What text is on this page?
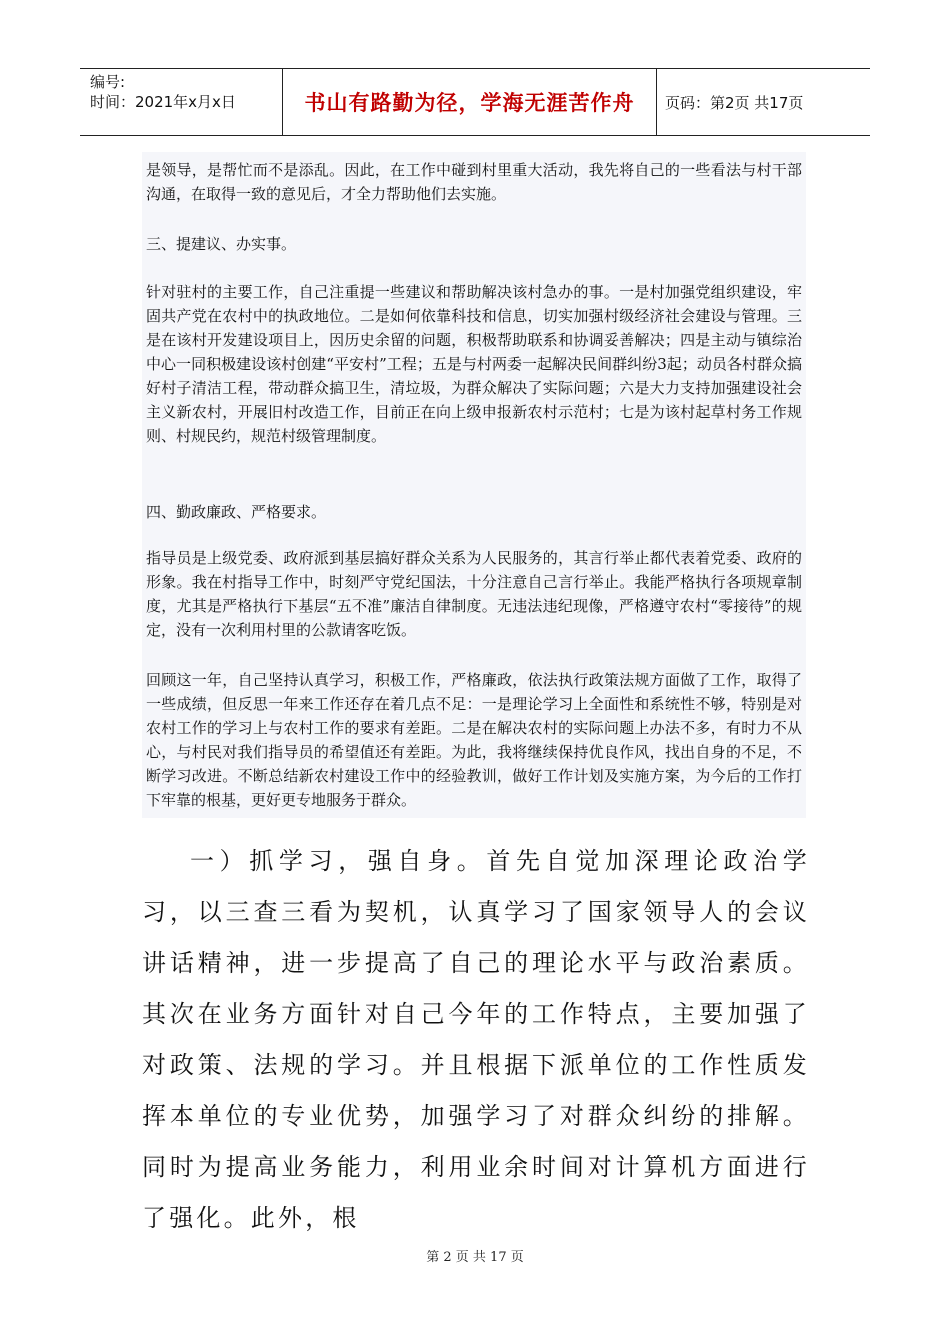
编号:
时间：2021年x月x日	书山有路勤为径，学海无涯苦作舟	页码：第2页 共17页

是领导，是帮忙而不是添乱。因此，在工作中碰到村里重大活动，我先将自己的一些看法与村干部沟通，在取得一致的意见后，才全力帮助他们去实施。

三、提建议、办实事。

针对驻村的主要工作，自己注重提一些建议和帮助解决该村急办的事。一是村加强党组织建设，牢固共产党在农村中的执政地位。二是如何依靠科技和信息，切实加强村级经济社会建设与管理。三是在该村开发建设项目上，因历史余留的问题，积极帮助联系和协调妥善解决；四是主动与镇综治中心一同积极建设该村创建“平安村”工程；五是与村两委一起解决民间群纠纷3起；动员各村群众搞好村子清洁工程，带动群众搞卫生，清垃圾，为群众解决了实际问题；六是大力支持加强建设社会主义新农村，开展旧村改造工作，目前正在向上级申报新农村示范村；七是为该村起草村务工作规则、村规民约，规范村级管理制度。

四、勤政廉政、严格要求。

指导员是上级党委、政府派到基层搞好群众关系为人民服务的，其言行举止都代表着党委、政府的形象。我在村指导工作中，时刻严守党纪国法，十分注意自己言行举止。我能严格执行各项规章制度，尤其是严格执行下基层“五不准”廉洁自律制度。无违法违纪现像，严格遵守农村“零接待”的规定，没有一次利用村里的公款请客吃饭。

回顾这一年，自己坚持认真学习，积极工作，严格廉政，依法执行政策法规方面做了工作，取得了一些成绩，但反思一年来工作还存在着几点不足：一是理论学习上全面性和系统性不够，特别是对农村工作的学习上与农村工作的要求有差距。二是在解决农村的实际问题上办法不多，有时力不从心，与村民对我们指导员的希望值还有差距。为此，我将继续保持优良作风，找出自身的不足，不断学习改进。不断总结新农村建设工作中的经验教训，做好工作计划及实施方案，为今后的工作打下牢靠的根基，更好更专地服务于群众。

一）抓学习，强自身。首先自觉加深理论政治学习，以三查三看为契机，认真学习了国家领导人的会议讲话精神，进一步提高了自己的理论水平与政治素质。其次在业务方面针对自己今年的工作特点，主要加强了对政策、法规的学习。并且根据下派单位的工作性质发挥本单位的专业优势，加强学习了对群众纠纷的排解。同时为提高业务能力，利用业余时间对计算机方面进行了强化。此外，根

第 2 页 共 17 页
